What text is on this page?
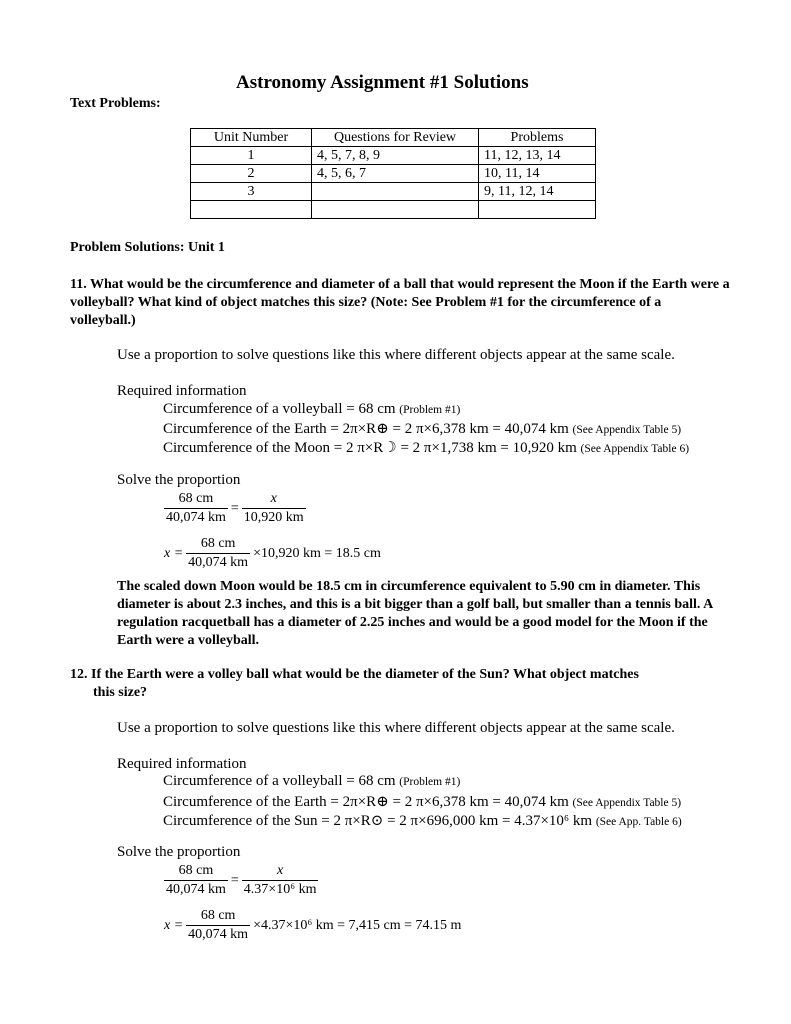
Astronomy Assignment #1 Solutions
Text Problems:
Unit Number	Questions for Review	Problems
1	4, 5, 7, 8, 9	11, 12, 13, 14
2	4, 5, 6, 7	10, 11, 14
3		9, 11, 12, 14

Problem Solutions: Unit 1
11. What would be the circumference and diameter of a ball that would represent the Moon if the Earth were a volleyball? What kind of object matches this size? (Note: See Problem #1 for the circumference of a volleyball.)
Use a proportion to solve questions like this where different objects appear at the same scale.
Required information
Circumference of a volleyball = 68 cm (Problem #1)
Circumference of the Earth = 2π×R⊕ = 2 π×6,378 km = 40,074 km (See Appendix Table 5)
Circumference of the Moon = 2 π×R☽ = 2 π×1,738 km = 10,920 km (See Appendix Table 6)
Solve the proportion
$\frac{68 cm}{40,074 km} = \frac{x}{10,920 km}$
$x = \frac{68 cm}{40,074 km} \times 10,920$ km = 18.5 cm
The scaled down Moon would be 18.5 cm in circumference equivalent to 5.90 cm in diameter. This diameter is about 2.3 inches, and this is a bit bigger than a golf ball, but smaller than a tennis ball. A regulation racquetball has a diameter of 2.25 inches and would be a good model for the Moon if the Earth were a volleyball.
12. If the Earth were a volley ball what would be the diameter of the Sun? What object matches
this size?
Use a proportion to solve questions like this where different objects appear at the same scale.
Required information
Circumference of a volleyball = 68 cm (Problem #1)
Circumference of the Earth = 2π×R⊕ = 2 π×6,378 km = 40,074 km (See Appendix Table 5)
Circumference of the Sun = 2 π×R⊙ = 2 π×696,000 km = 4.37×10⁶ km (See App. Table 6)
Solve the proportion
$\frac{68 cm}{40,074 km} = \frac{x}{\text{4.37×10⁶ km}}$
$x = \frac{68 cm}{40,074 km} \times 4.37\times 10^6$ km = 7,415 cm = 74.15 m
